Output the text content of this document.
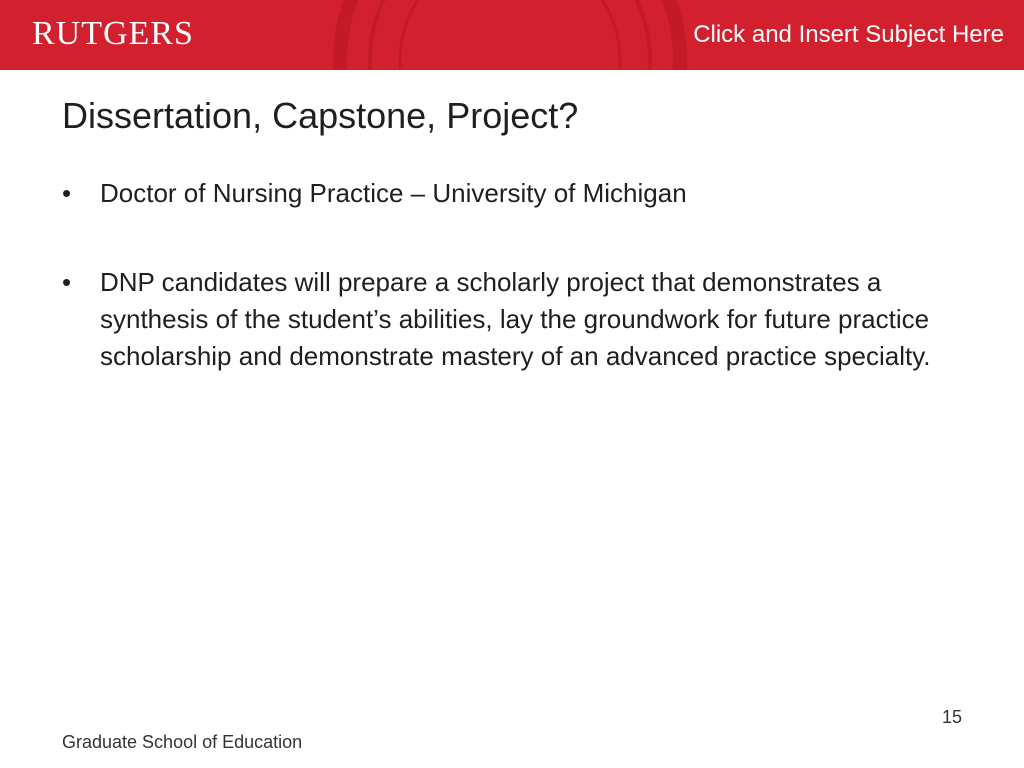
RUTGERS	Click and Insert Subject Here
Dissertation, Capstone, Project?
• Doctor of Nursing Practice – University of Michigan
• DNP candidates will prepare a scholarly project that demonstrates a synthesis of the student’s abilities, lay the groundwork for future practice scholarship and demonstrate mastery of an advanced practice specialty.
15
Graduate School of Education
